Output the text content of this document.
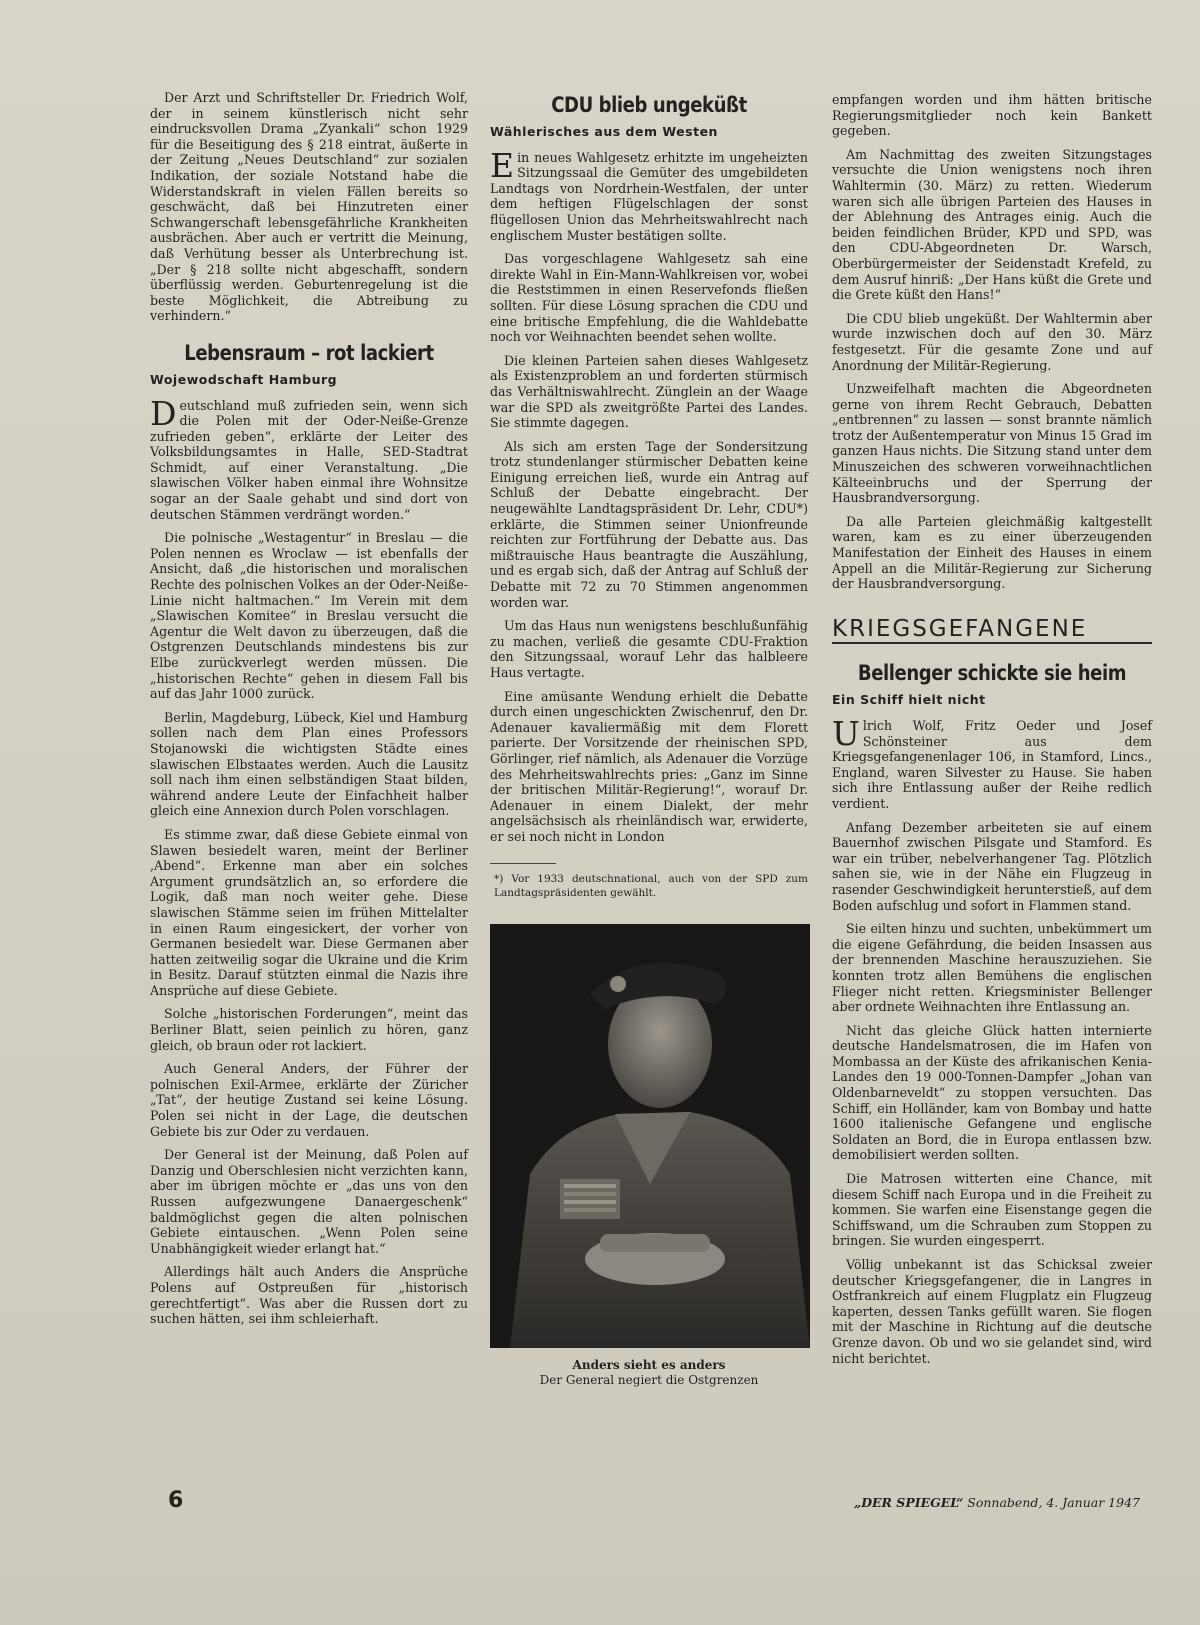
Der Arzt und Schriftsteller Dr. Friedrich Wolf, der in seinem künstlerisch nicht sehr eindrucksvollen Drama „Zyankali“ schon 1929 für die Beseitigung des § 218 eintrat, äußerte in der Zeitung „Neues Deutschland“ zur sozialen Indikation, der soziale Notstand habe die Widerstandskraft in vielen Fällen bereits so geschwächt, daß bei Hinzutreten einer Schwangerschaft lebensgefährliche Krankheiten ausbrächen. Aber auch er vertritt die Meinung, daß Verhütung besser als Unterbrechung ist. „Der § 218 sollte nicht abgeschafft, sondern überflüssig werden. Geburtenregelung ist die beste Möglichkeit, die Abtreibung zu verhindern.“

Lebensraum – rot lackiert
Wojewodschaft Hamburg

Deutschland muß zufrieden sein, wenn sich die Polen mit der Oder-Neiße-Grenze zufrieden geben“, erklärte der Leiter des Volksbildungsamtes in Halle, SED-Stadtrat Schmidt, auf einer Veranstaltung. „Die slawischen Völker haben einmal ihre Wohnsitze sogar an der Saale gehabt und sind dort von deutschen Stämmen verdrängt worden.“

Die polnische „Westagentur“ in Breslau — die Polen nennen es Wroclaw — ist ebenfalls der Ansicht, daß „die historischen und moralischen Rechte des polnischen Volkes an der Oder-Neiße-Linie nicht haltmachen.“ Im Verein mit dem „Slawischen Komitee“ in Breslau versucht die Agentur die Welt davon zu überzeugen, daß die Ostgrenzen Deutschlands mindestens bis zur Elbe zurückverlegt werden müssen. Die „historischen Rechte“ gehen in diesem Fall bis auf das Jahr 1000 zurück.

Berlin, Magdeburg, Lübeck, Kiel und Hamburg sollen nach dem Plan eines Professors Stojanowski die wichtigsten Städte eines slawischen Elbstaates werden. Auch die Lausitz soll nach ihm einen selbständigen Staat bilden, während andere Leute der Einfachheit halber gleich eine Annexion durch Polen vorschlagen.

Es stimme zwar, daß diese Gebiete einmal von Slawen besiedelt waren, meint der Berliner ‚Abend“. Erkenne man aber ein solches Argument grundsätzlich an, so erfordere die Logik, daß man noch weiter gehe. Diese slawischen Stämme seien im frühen Mittelalter in einen Raum eingesickert, der vorher von Germanen besiedelt war. Diese Germanen aber hatten zeitweilig sogar die Ukraine und die Krim in Besitz. Darauf stützten einmal die Nazis ihre Ansprüche auf diese Gebiete.

Solche „historischen Forderungen“, meint das Berliner Blatt, seien peinlich zu hören, ganz gleich, ob braun oder rot lackiert.

Auch General Anders, der Führer der polnischen Exil-Armee, erklärte der Züricher „Tat“, der heutige Zustand sei keine Lösung. Polen sei nicht in der Lage, die deutschen Gebiete bis zur Oder zu verdauen.

Der General ist der Meinung, daß Polen auf Danzig und Oberschlesien nicht verzichten kann, aber im übrigen möchte er „das uns von den Russen aufgezwungene Danaergeschenk“ baldmöglichst gegen die alten polnischen Gebiete eintauschen. „Wenn Polen seine Unabhängigkeit wieder erlangt hat.“

Allerdings hält auch Anders die Ansprüche Polens auf Ostpreußen für „historisch gerechtfertigt“. Was aber die Russen dort zu suchen hätten, sei ihm schleierhaft.

CDU blieb ungeküßt
Wählerisches aus dem Westen

Ein neues Wahlgesetz erhitzte im ungeheizten Sitzungssaal die Gemüter des umgebildeten Landtags von Nordrhein-Westfalen, der unter dem heftigen Flügelschlagen der sonst flügellosen Union das Mehrheitswahlrecht nach englischem Muster bestätigen sollte.

Das vorgeschlagene Wahlgesetz sah eine direkte Wahl in Ein-Mann-Wahlkreisen vor, wobei die Reststimmen in einen Reservefonds fließen sollten. Für diese Lösung sprachen die CDU und eine britische Empfehlung, die die Wahldebatte noch vor Weihnachten beendet sehen wollte.

Die kleinen Parteien sahen dieses Wahlgesetz als Existenzproblem an und forderten stürmisch das Verhältniswahlrecht. Zünglein an der Waage war die SPD als zweitgrößte Partei des Landes. Sie stimmte dagegen.

Als sich am ersten Tage der Sondersitzung trotz stundenlanger stürmischer Debatten keine Einigung erreichen ließ, wurde ein Antrag auf Schluß der Debatte eingebracht. Der neugewählte Landtagspräsident Dr. Lehr, CDU*) erklärte, die Stimmen seiner Unionfreunde reichten zur Fortführung der Debatte aus. Das mißtrauische Haus beantragte die Auszählung, und es ergab sich, daß der Antrag auf Schluß der Debatte mit 72 zu 70 Stimmen angenommen worden war.

Um das Haus nun wenigstens beschlußunfähig zu machen, verließ die gesamte CDU-Fraktion den Sitzungssaal, worauf Lehr das halbleere Haus vertagte.

Eine amüsante Wendung erhielt die Debatte durch einen ungeschickten Zwischenruf, den Dr. Adenauer kavaliermäßig mit dem Florett parierte. Der Vorsitzende der rheinischen SPD, Görlinger, rief nämlich, als Adenauer die Vorzüge des Mehrheitswahlrechts pries: „Ganz im Sinne der britischen Militär-Regierung!“, worauf Dr. Adenauer in einem Dialekt, der mehr angelsächsisch als rheinländisch war, erwiderte, er sei noch nicht in London

*) Vor 1933 deutschnational, auch von der SPD zum Landtagspräsidenten gewählt.
Anders sieht es anders
Der General negiert die Ostgrenzen

empfangen worden und ihm hätten britische Regierungsmitglieder noch kein Bankett gegeben.

Am Nachmittag des zweiten Sitzungstages versuchte die Union wenigstens noch ihren Wahltermin (30. März) zu retten. Wiederum waren sich alle übrigen Parteien des Hauses in der Ablehnung des Antrages einig. Auch die beiden feindlichen Brüder, KPD und SPD, was den CDU-Abgeordneten Dr. Warsch, Oberbürgermeister der Seidenstadt Krefeld, zu dem Ausruf hinriß: „Der Hans küßt die Grete und die Grete küßt den Hans!“

Die CDU blieb ungeküßt. Der Wahltermin aber wurde inzwischen doch auf den 30. März festgesetzt. Für die gesamte Zone und auf Anordnung der Militär-Regierung.

Unzweifelhaft machten die Abgeordneten gerne von ihrem Recht Gebrauch, Debatten „entbrennen“ zu lassen — sonst brannte nämlich trotz der Außentemperatur von Minus 15 Grad im ganzen Haus nichts. Die Sitzung stand unter dem Minuszeichen des schweren vorweihnachtlichen Kälteeinbruchs und der Sperrung der Hausbrandversorgung.

Da alle Parteien gleichmäßig kaltgestellt waren, kam es zu einer überzeugenden Manifestation der Einheit des Hauses in einem Appell an die Militär-Regierung zur Sicherung der Hausbrandversorgung.

KRIEGSGEFANGENE
Bellenger schickte sie heim
Ein Schiff hielt nicht

Ulrich Wolf, Fritz Oeder und Josef Schönsteiner aus dem Kriegsgefangenenlager 106, in Stamford, Lincs., England, waren Silvester zu Hause. Sie haben sich ihre Entlassung außer der Reihe redlich verdient.

Anfang Dezember arbeiteten sie auf einem Bauernhof zwischen Pilsgate und Stamford. Es war ein trüber, nebelverhangener Tag. Plötzlich sahen sie, wie in der Nähe ein Flugzeug in rasender Geschwindigkeit herunterstieß, auf dem Boden aufschlug und sofort in Flammen stand.

Sie eilten hinzu und suchten, unbekümmert um die eigene Gefährdung, die beiden Insassen aus der brennenden Maschine herauszuziehen. Sie konnten trotz allen Bemühens die englischen Flieger nicht retten. Kriegsminister Bellenger aber ordnete Weihnachten ihre Entlassung an.

Nicht das gleiche Glück hatten internierte deutsche Handelsmatrosen, die im Hafen von Mombassa an der Küste des afrikanischen Kenia-Landes den 19 000-Tonnen-Dampfer „Johan van Oldenbarneveldt“ zu stoppen versuchten. Das Schiff, ein Holländer, kam von Bombay und hatte 1600 italienische Gefangene und englische Soldaten an Bord, die in Europa entlassen bzw. demobilisiert werden sollten.

Die Matrosen witterten eine Chance, mit diesem Schiff nach Europa und in die Freiheit zu kommen. Sie warfen eine Eisenstange gegen die Schiffswand, um die Schrauben zum Stoppen zu bringen. Sie wurden eingesperrt.

Völlig unbekannt ist das Schicksal zweier deutscher Kriegsgefangener, die in Langres in Ostfrankreich auf einem Flugplatz ein Flugzeug kaperten, dessen Tanks gefüllt waren. Sie flogen mit der Maschine in Richtung auf die deutsche Grenze davon. Ob und wo sie gelandet sind, wird nicht berichtet.

6	„DER SPIEGEL“ Sonnabend, 4. Januar 1947
